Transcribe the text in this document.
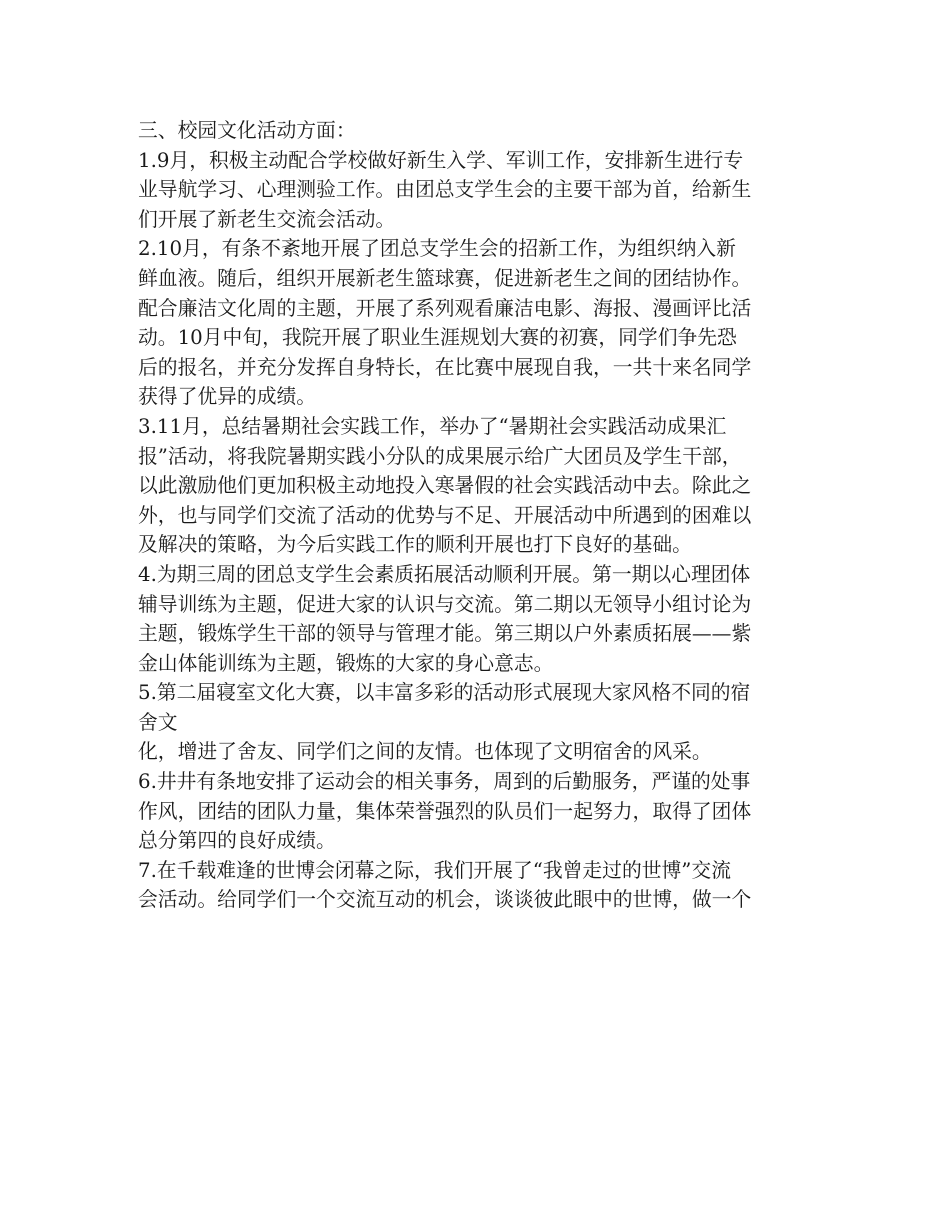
三、校园文化活动方面：
1.9月，积极主动配合学校做好新生入学、军训工作，安排新生进行专
业导航学习、心理测验工作。由团总支学生会的主要干部为首，给新生
们开展了新老生交流会活动。
2.10月，有条不紊地开展了团总支学生会的招新工作，为组织纳入新
鲜血液。随后，组织开展新老生篮球赛，促进新老生之间的团结协作。
配合廉洁文化周的主题，开展了系列观看廉洁电影、海报、漫画评比活
动。10月中旬，我院开展了职业生涯规划大赛的初赛，同学们争先恐
后的报名，并充分发挥自身特长，在比赛中展现自我，一共十来名同学
获得了优异的成绩。
3.11月，总结暑期社会实践工作，举办了“暑期社会实践活动成果汇
报”活动，将我院暑期实践小分队的成果展示给广大团员及学生干部，
以此激励他们更加积极主动地投入寒暑假的社会实践活动中去。除此之
外，也与同学们交流了活动的优势与不足、开展活动中所遇到的困难以
及解决的策略，为今后实践工作的顺利开展也打下良好的基础。
4.为期三周的团总支学生会素质拓展活动顺利开展。第一期以心理团体
辅导训练为主题，促进大家的认识与交流。第二期以无领导小组讨论为
主题，锻炼学生干部的领导与管理才能。第三期以户外素质拓展——紫
金山体能训练为主题，锻炼的大家的身心意志。
5.第二届寝室文化大赛，以丰富多彩的活动形式展现大家风格不同的宿
舍文
化，增进了舍友、同学们之间的友情。也体现了文明宿舍的风采。
6.井井有条地安排了运动会的相关事务，周到的后勤服务，严谨的处事
作风，团结的团队力量，集体荣誉强烈的队员们一起努力，取得了团体
总分第四的良好成绩。
7.在千载难逢的世博会闭幕之际，我们开展了“我曾走过的世博”交流
会活动。给同学们一个交流互动的机会，谈谈彼此眼中的世博，做一个
